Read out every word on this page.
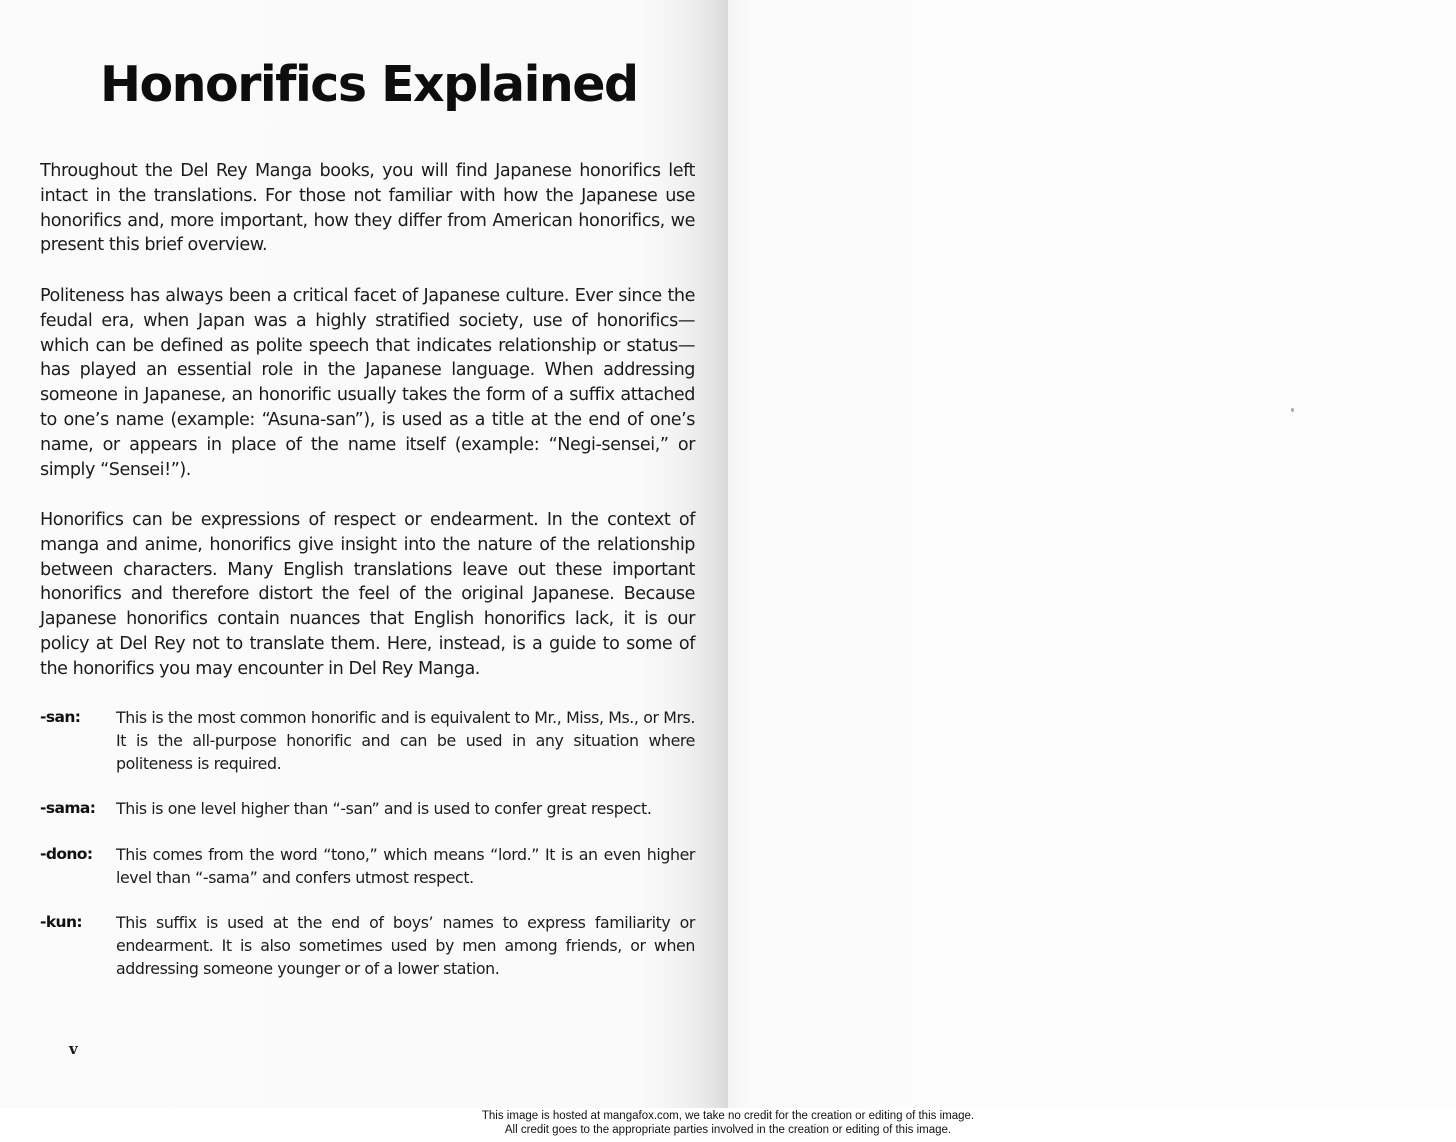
Honorifics Explained

Throughout the Del Rey Manga books, you will find Japanese honorifics left intact in the translations. For those not familiar with how the Japanese use honorifics and, more important, how they differ from American honorifics, we present this brief overview.

Politeness has always been a critical facet of Japanese culture. Ever since the feudal era, when Japan was a highly stratified society, use of honorifics—which can be defined as polite speech that indicates relationship or status—has played an essential role in the Japanese language. When addressing someone in Japanese, an honorific usually takes the form of a suffix attached to one’s name (example: “Asuna-san”), is used as a title at the end of one’s name, or appears in place of the name itself (example: “Negi-sensei,” or simply “Sensei!”).

Honorifics can be expressions of respect or endearment. In the context of manga and anime, honorifics give insight into the nature of the relationship between characters. Many English translations leave out these important honorifics and therefore distort the feel of the original Japanese. Because Japanese honorifics contain nuances that English honorifics lack, it is our policy at Del Rey not to translate them. Here, instead, is a guide to some of the honorifics you may encounter in Del Rey Manga.

-san: This is the most common honorific and is equivalent to Mr., Miss, Ms., or Mrs. It is the all-purpose honorific and can be used in any situation where politeness is required.

-sama: This is one level higher than “-san” and is used to confer great respect.

-dono: This comes from the word “tono,” which means “lord.” It is an even higher level than “-sama” and confers utmost respect.

-kun: This suffix is used at the end of boys’ names to express familiarity or endearment. It is also sometimes used by men among friends, or when addressing someone younger or of a lower station.

v
This image is hosted at mangafox.com, we take no credit for the creation or editing of this image.
All credit goes to the appropriate parties involved in the creation or editing of this image.
